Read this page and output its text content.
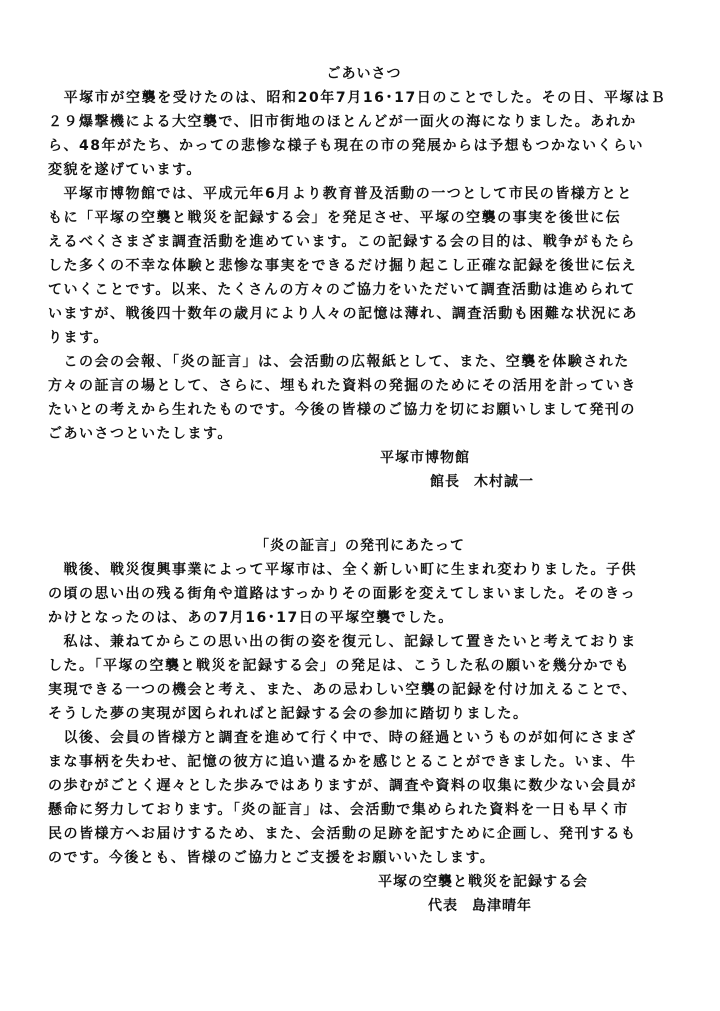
ごあいさつ
　平塚市が空襲を受けたのは、昭和20年7月16･17日のことでした。その日、平塚はＢ
２９爆撃機による大空襲で、旧市街地のほとんどが一面火の海になりました。あれか
ら、48年がたち、かっての悲惨な様子も現在の市の発展からは予想もつかないくらい
変貌を遂げています。
　平塚市博物館では、平成元年6月より教育普及活動の一つとして市民の皆様方とと
もに「平塚の空襲と戦災を記録する会」を発足させ、平塚の空襲の事実を後世に伝
えるべくさまざま調査活動を進めています。この記録する会の目的は、戦争がもたら
した多くの不幸な体験と悲惨な事実をできるだけ掘り起こし正確な記録を後世に伝え
ていくことです。以来、たくさんの方々のご協力をいただいて調査活動は進められて
いますが、戦後四十数年の歳月により人々の記憶は薄れ、調査活動も困難な状況にあ
ります。
　この会の会報、「炎の証言」は、会活動の広報紙として、また、空襲を体験された
方々の証言の場として、さらに、埋もれた資料の発掘のためにその活用を計っていき
たいとの考えから生れたものです。今後の皆様のご協力を切にお願いしまして発刊の
ごあいさつといたします。
平塚市博物館
館長 木村誠一
「炎の証言」の発刊にあたって
　戦後、戦災復興事業によって平塚市は、全く新しい町に生まれ変わりました。子供
の頃の思い出の残る街角や道路はすっかりその面影を変えてしまいました。そのきっ
かけとなったのは、あの7月16･17日の平塚空襲でした。
　私は、兼ねてからこの思い出の街の姿を復元し、記録して置きたいと考えておりま
した。「平塚の空襲と戦災を記録する会」の発足は、こうした私の願いを幾分かでも
実現できる一つの機会と考え、また、あの忌わしい空襲の記録を付け加えることで、
そうした夢の実現が図られればと記録する会の参加に踏切りました。
　以後、会員の皆様方と調査を進めて行く中で、時の経過というものが如何にさまざ
まな事柄を失わせ、記憶の彼方に追い遣るかを感じとることができました。いま、牛
の歩むがごとく遅々とした歩みではありますが、調査や資料の収集に数少ない会員が
懸命に努力しております。「炎の証言」は、会活動で集められた資料を一日も早く市
民の皆様方へお届けするため、また、会活動の足跡を記すために企画し、発刊するも
のです。今後とも、皆様のご協力とご支援をお願いいたします。
平塚の空襲と戦災を記録する会
代表 島津晴年
